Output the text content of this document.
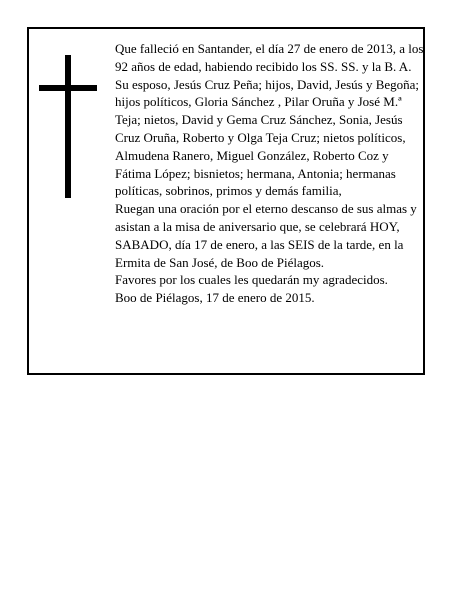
Que falleció en Santander, el día 27 de enero de 2013, a los 92 años de edad, habiendo recibido los SS. SS. y la B. A.

Su esposo, Jesús Cruz Peña; hijos, David, Jesús y Begoña; hijos políticos, Gloria Sánchez , Pilar Oruña y José M.ª Teja; nietos, David y Gema Cruz Sánchez, Sonia, Jesús Cruz Oruña, Roberto y Olga Teja Cruz; nietos políticos, Almudena Ranero, Miguel González, Roberto Coz y Fátima López; bisnietos; hermana, Antonia; hermanas políticas, sobrinos, primos y demás familia,

Ruegan una oración por el eterno descanso de sus almas y asistan a la misa de aniversario que, se celebrará HOY, SABADO, día 17 de enero, a las SEIS de la tarde, en la Ermita de San José, de Boo de Piélagos.

Favores por los cuales les quedarán my agradecidos.

Boo de Piélagos, 17 de enero de 2015.
